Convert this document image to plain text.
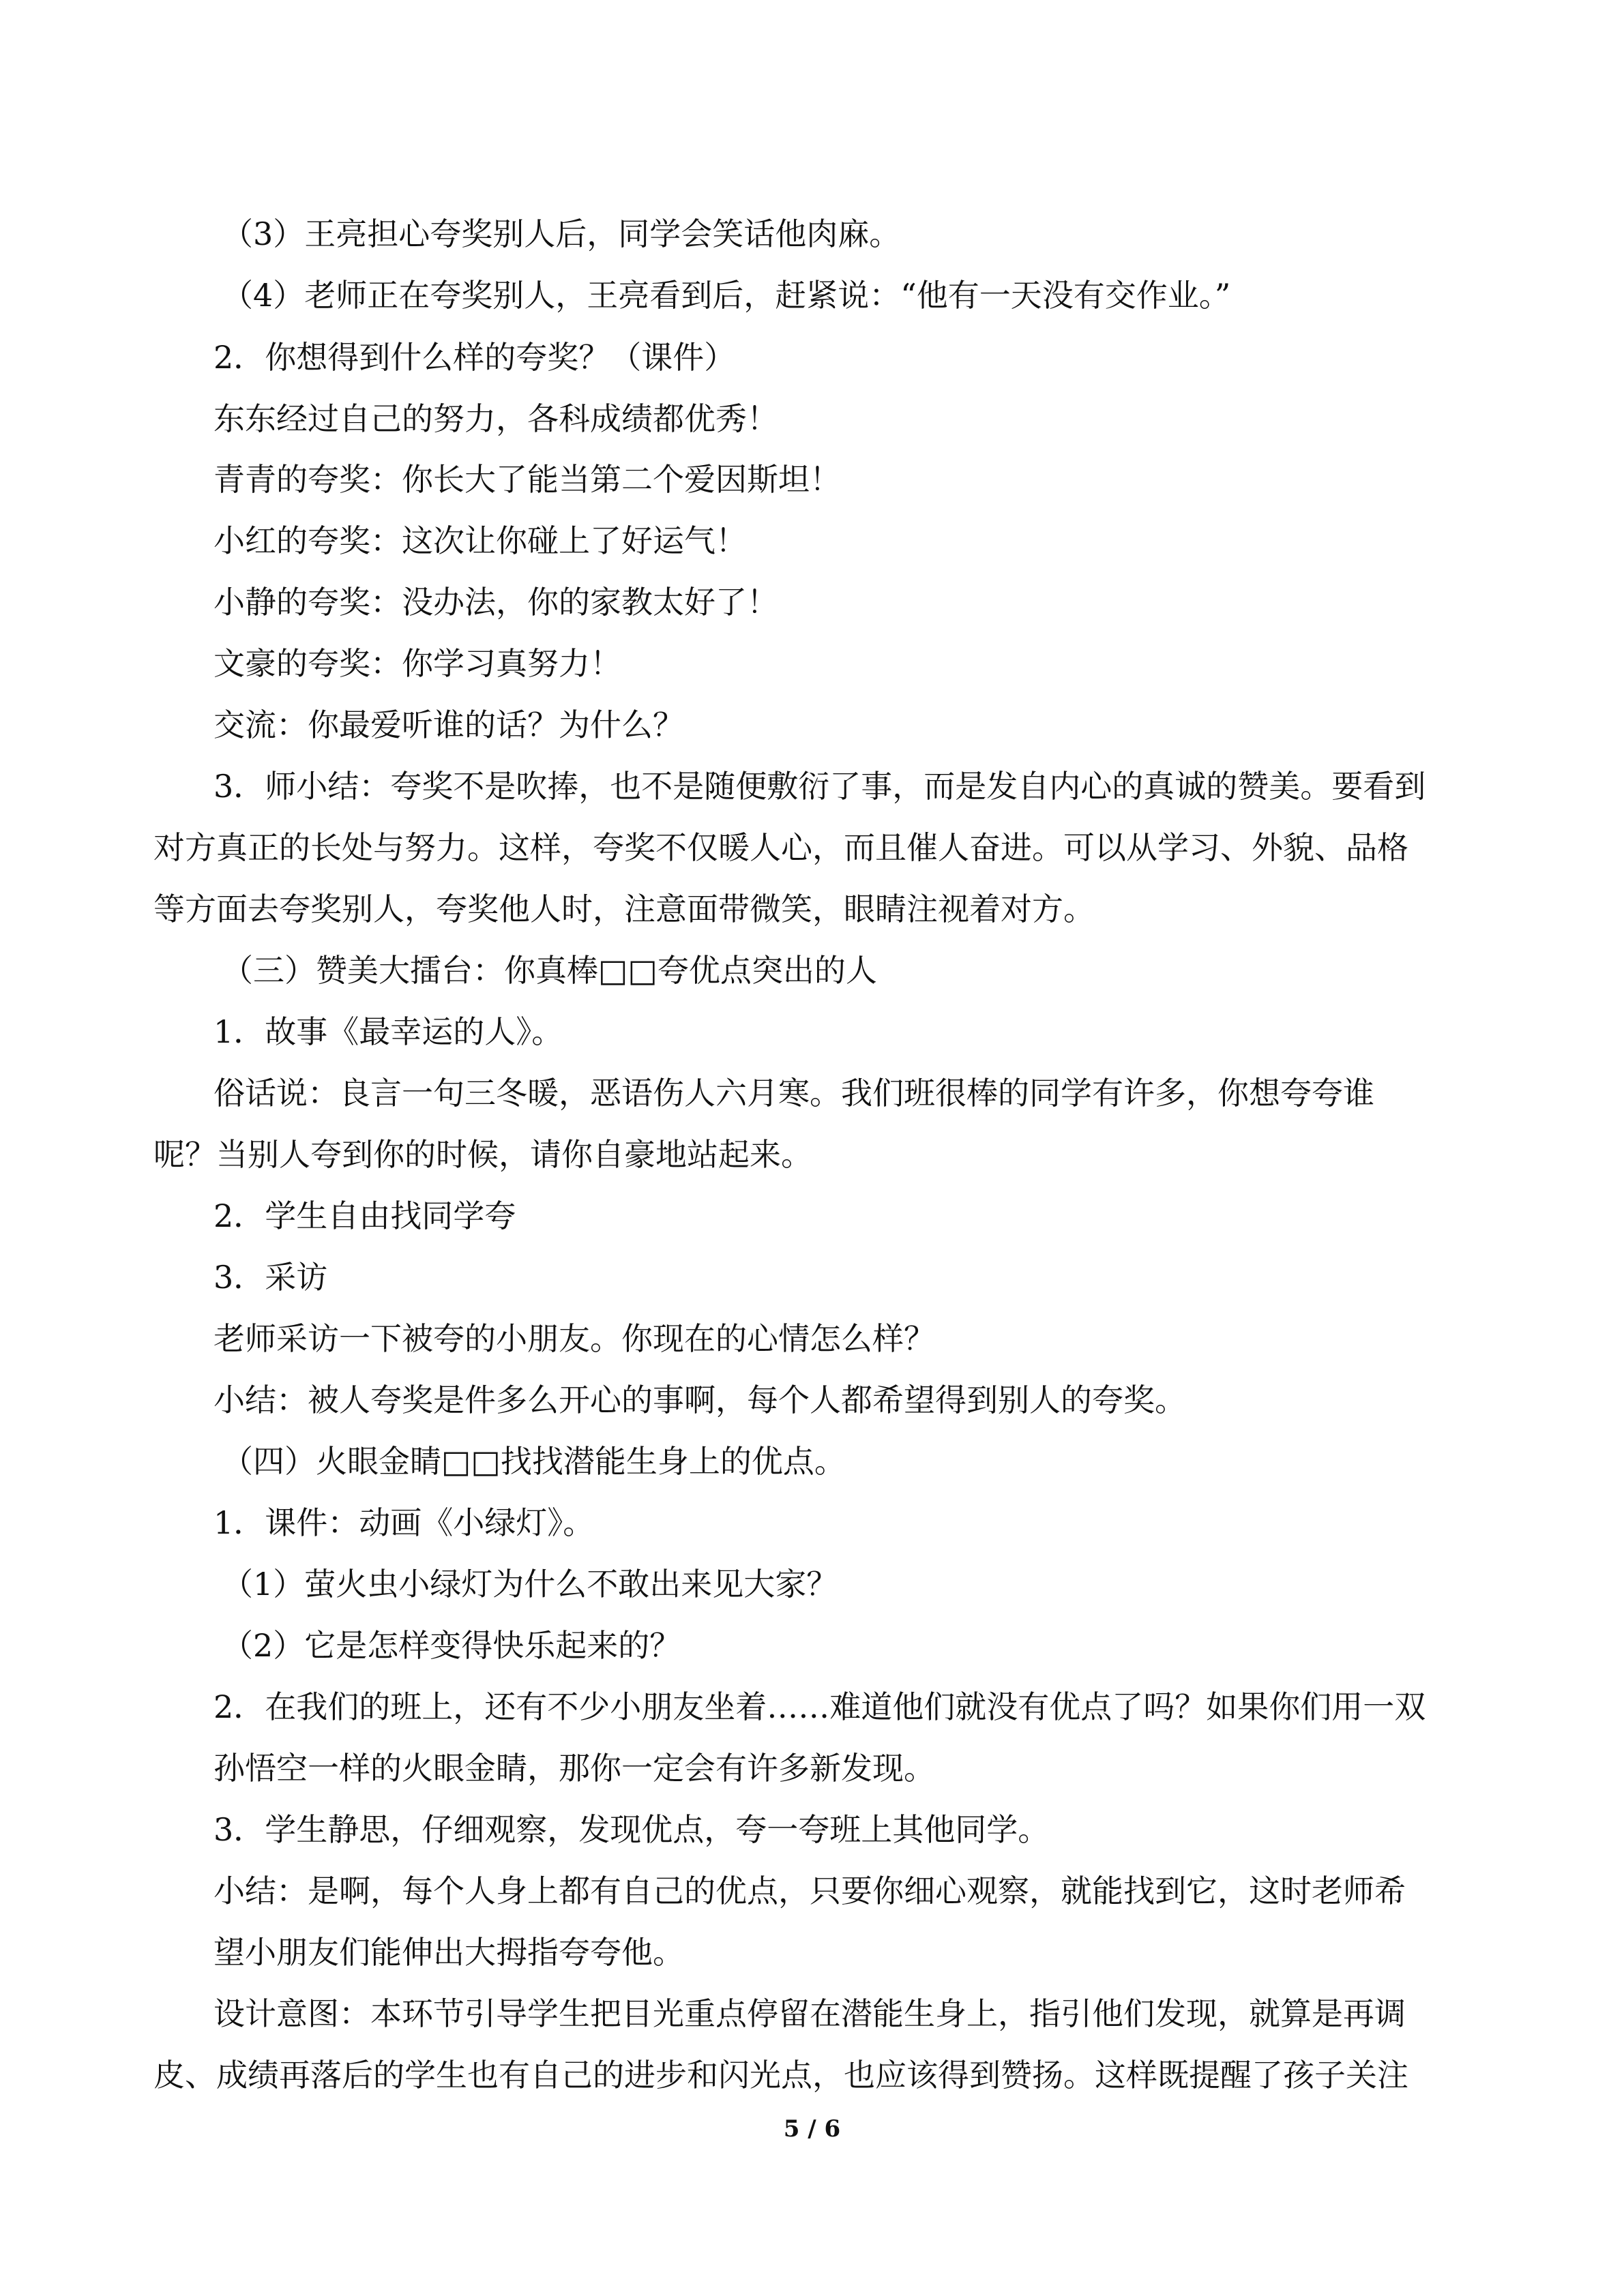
（3）王亮担心夸奖别人后，同学会笑话他肉麻。
（4）老师正在夸奖别人，王亮看到后，赶紧说：“他有一天没有交作业。”
2．你想得到什么样的夸奖？（课件）
东东经过自己的努力，各科成绩都优秀！
青青的夸奖：你长大了能当第二个爱因斯坦！
小红的夸奖：这次让你碰上了好运气！
小静的夸奖：没办法，你的家教太好了！
文豪的夸奖：你学习真努力！
交流：你最爱听谁的话？为什么？
3．师小结：夸奖不是吹捧，也不是随便敷衍了事，而是发自内心的真诚的赞美。要看到
对方真正的长处与努力。这样，夸奖不仅暖人心，而且催人奋进。可以从学习、外貌、品格
等方面去夸奖别人，夸奖他人时，注意面带微笑，眼睛注视着对方。
（三）赞美大擂台：你真棒□□夸优点突出的人
1．故事《最幸运的人》。
俗话说：良言一句三冬暖，恶语伤人六月寒。我们班很棒的同学有许多，你想夸夸谁
呢？当别人夸到你的时候，请你自豪地站起来。
2．学生自由找同学夸
3．采访
老师采访一下被夸的小朋友。你现在的心情怎么样？
小结：被人夸奖是件多么开心的事啊，每个人都希望得到别人的夸奖。
（四）火眼金睛□□找找潜能生身上的优点。
1．课件：动画《小绿灯》。
（1）萤火虫小绿灯为什么不敢出来见大家？
（2）它是怎样变得快乐起来的？
2．在我们的班上，还有不少小朋友坐着……难道他们就没有优点了吗？如果你们用一双
孙悟空一样的火眼金睛，那你一定会有许多新发现。
3．学生静思，仔细观察，发现优点，夸一夸班上其他同学。
小结：是啊，每个人身上都有自己的优点，只要你细心观察，就能找到它，这时老师希
望小朋友们能伸出大拇指夸夸他。
设计意图：本环节引导学生把目光重点停留在潜能生身上，指引他们发现，就算是再调
皮、成绩再落后的学生也有自己的进步和闪光点，也应该得到赞扬。这样既提醒了孩子关注
5 / 6
